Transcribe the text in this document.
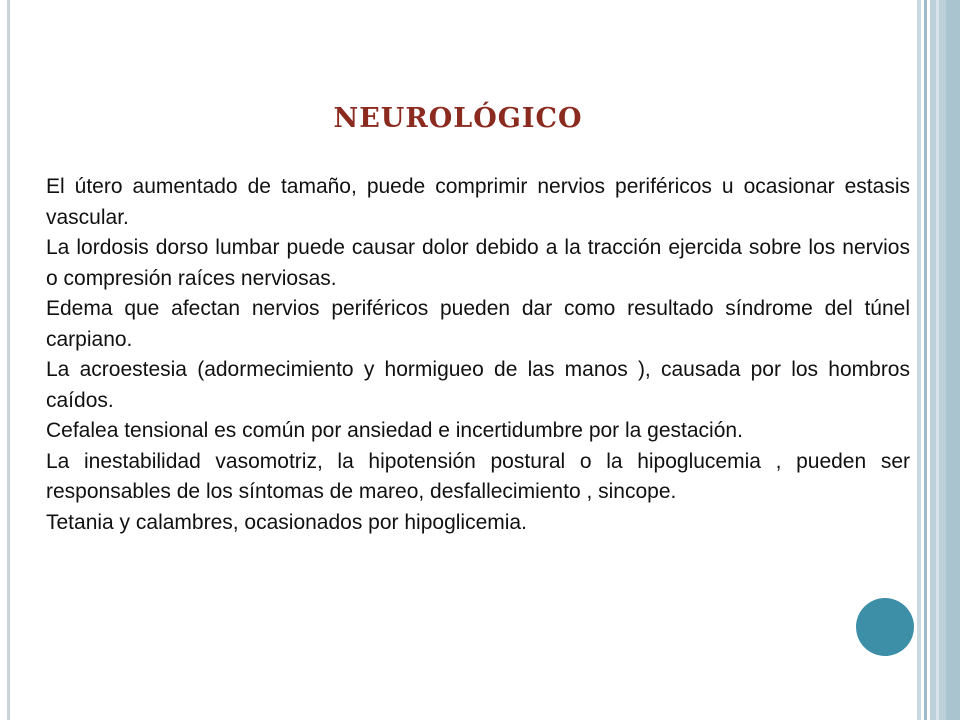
NEUROLÓGICO

El útero aumentado de tamaño, puede comprimir nervios periféricos u ocasionar estasis vascular.

La lordosis dorso lumbar puede causar dolor debido a la tracción ejercida sobre los nervios o compresión raíces nerviosas.

Edema que afectan nervios periféricos pueden dar como resultado síndrome del túnel carpiano.

La acroestesia (adormecimiento y hormigueo de las manos ), causada por los hombros caídos.

Cefalea tensional es común por ansiedad e incertidumbre por la gestación.

La inestabilidad vasomotriz, la hipotensión postural o la hipoglucemia , pueden ser responsables de los síntomas de mareo, desfallecimiento , sincope.

Tetania y calambres, ocasionados por hipoglicemia.
